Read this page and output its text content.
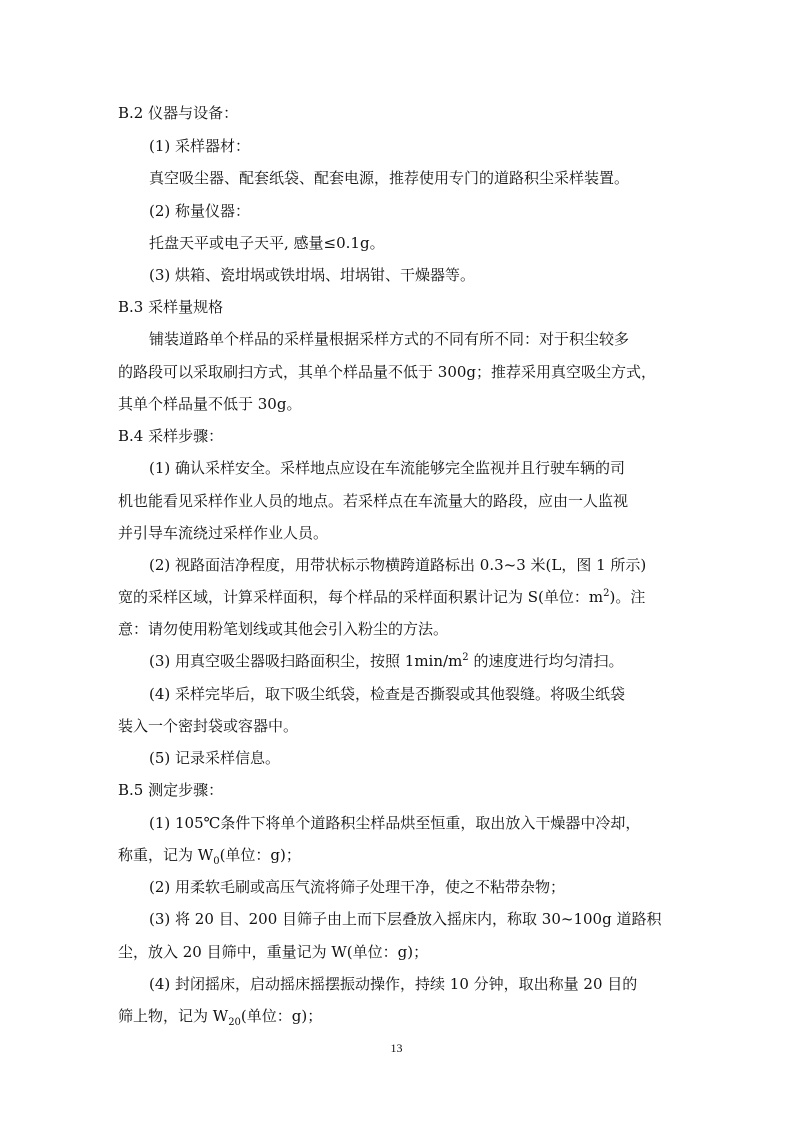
B.2 仪器与设备：
(1) 采样器材：
真空吸尘器、配套纸袋、配套电源，推荐使用专门的道路积尘采样装置。
(2) 称量仪器：
托盘天平或电子天平, 感量≤0.1g。
(3) 烘箱、瓷坩埚或铁坩埚、坩埚钳、干燥器等。
B.3 采样量规格
铺装道路单个样品的采样量根据采样方式的不同有所不同：对于积尘较多
的路段可以采取刷扫方式，其单个样品量不低于 300g；推荐采用真空吸尘方式，
其单个样品量不低于 30g。
B.4 采样步骤：
(1) 确认采样安全。采样地点应设在车流能够完全监视并且行驶车辆的司
机也能看见采样作业人员的地点。若采样点在车流量大的路段，应由一人监视
并引导车流绕过采样作业人员。
(2) 视路面洁净程度，用带状标示物横跨道路标出 0.3~3 米(L，图 1 所示)
宽的采样区域，计算采样面积，每个样品的采样面积累计记为 S(单位：$m^2$)。注
意：请勿使用粉笔划线或其他会引入粉尘的方法。
(3) 用真空吸尘器吸扫路面积尘，按照 $1\min/m^2$ 的速度进行均匀清扫。
(4) 采样完毕后，取下吸尘纸袋，检查是否撕裂或其他裂缝。将吸尘纸袋
装入一个密封袋或容器中。
(5) 记录采样信息。
B.5 测定步骤：
(1) 105℃条件下将单个道路积尘样品烘至恒重，取出放入干燥器中冷却，
称重，记为 $W_0$(单位：g)；
(2) 用柔软毛刷或高压气流将筛子处理干净，使之不粘带杂物；
(3) 将 20 目、200 目筛子由上而下层叠放入摇床内，称取 30~100g 道路积
尘，放入 20 目筛中，重量记为 W(单位：g)；
(4) 封闭摇床，启动摇床摇摆振动操作，持续 10 分钟，取出称量 20 目的
筛上物，记为 $W_{20}$(单位：g)；
13
